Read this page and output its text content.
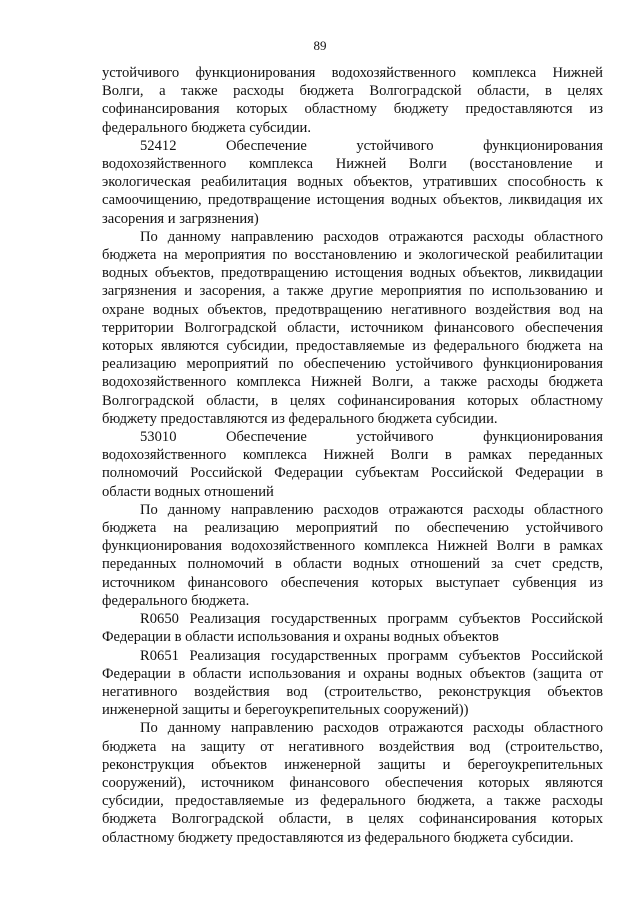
89
устойчивого функционирования водохозяйственного комплекса Нижней
Волги, а также расходы бюджета Волгоградской области, в целях
софинансирования которых областному бюджету предоставляются из
федерального бюджета субсидии.
52412 Обеспечение устойчивого функционирования
водохозяйственного комплекса Нижней Волги (восстановление и
экологическая реабилитация водных объектов, утративших способность к
самоочищению, предотвращение истощения водных объектов, ликвидация их
засорения и загрязнения)
По данному направлению расходов отражаются расходы областного
бюджета на мероприятия по восстановлению и экологической реабилитации
водных объектов, предотвращению истощения водных объектов, ликвидации
загрязнения и засорения, а также другие мероприятия по использованию и
охране водных объектов, предотвращению негативного воздействия вод на
территории Волгоградской области, источником финансового обеспечения
которых являются субсидии, предоставляемые из федерального бюджета на
реализацию мероприятий по обеспечению устойчивого функционирования
водохозяйственного комплекса Нижней Волги, а также расходы бюджета
Волгоградской области, в целях софинансирования которых областному
бюджету предоставляются из федерального бюджета субсидии.
53010 Обеспечение устойчивого функционирования
водохозяйственного комплекса Нижней Волги в рамках переданных
полномочий Российской Федерации субъектам Российской Федерации в
области водных отношений
По данному направлению расходов отражаются расходы областного
бюджета на реализацию мероприятий по обеспечению устойчивого
функционирования водохозяйственного комплекса Нижней Волги в рамках
переданных полномочий в области водных отношений за счет средств,
источником финансового обеспечения которых выступает субвенция из
федерального бюджета.
R0650 Реализация государственных программ субъектов Российской
Федерации в области использования и охраны водных объектов
R0651 Реализация государственных программ субъектов Российской
Федерации в области использования и охраны водных объектов (защита от
негативного воздействия вод (строительство, реконструкция объектов
инженерной защиты и берегоукрепительных сооружений))
По данному направлению расходов отражаются расходы областного
бюджета на защиту от негативного воздействия вод (строительство,
реконструкция объектов инженерной защиты и берегоукрепительных
сооружений), источником финансового обеспечения которых являются
субсидии, предоставляемые из федерального бюджета, а также расходы
бюджета Волгоградской области, в целях софинансирования которых
областному бюджету предоставляются из федерального бюджета субсидии.
